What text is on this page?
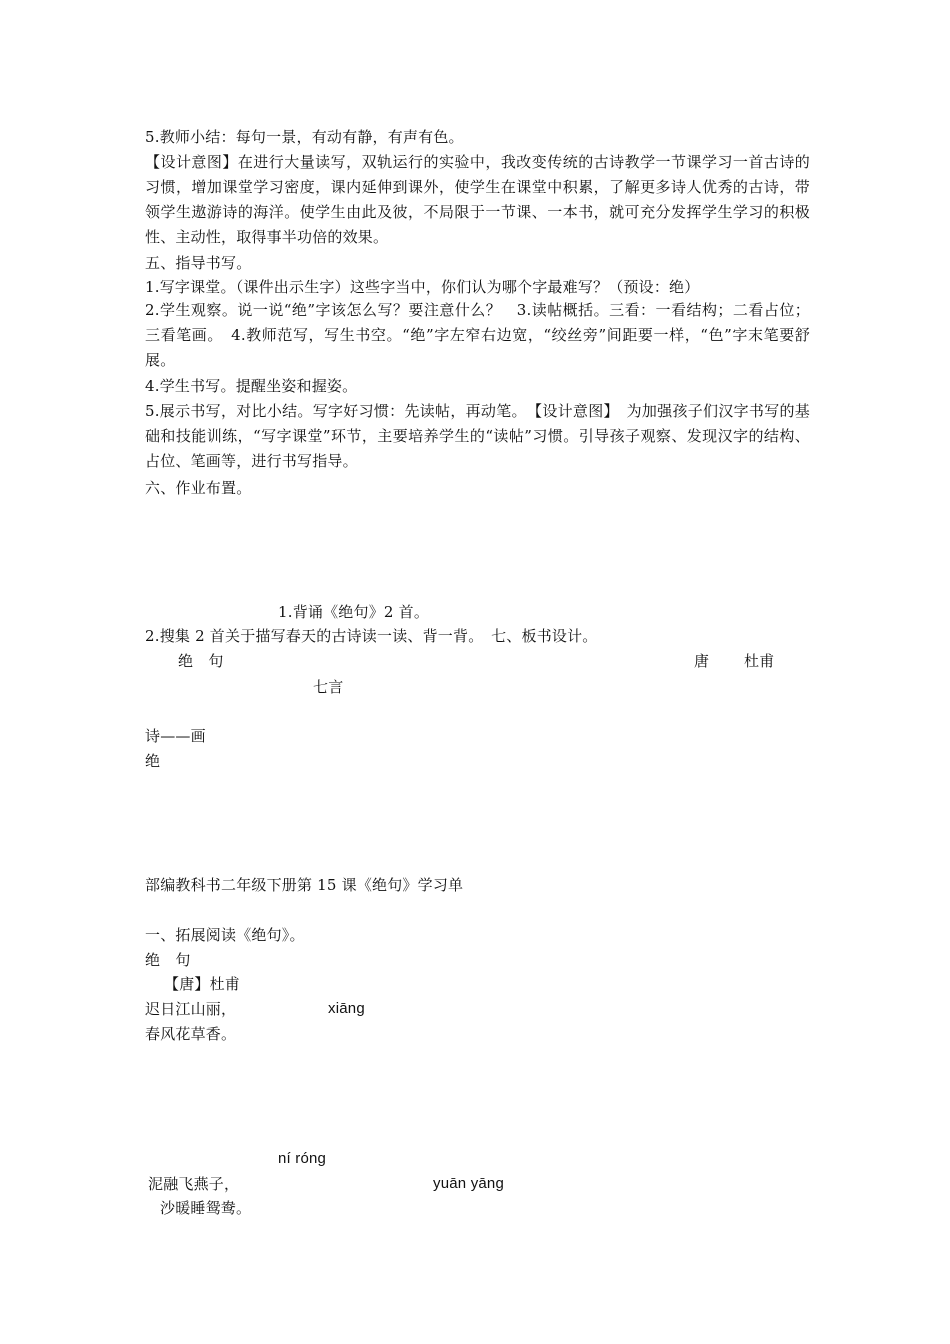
5.教师小结：每句一景，有动有静，有声有色。
【设计意图】在进行大量读写，双轨运行的实验中，我改变传统的古诗教学一节课学习一首古诗的习惯，增加课堂学习密度，课内延伸到课外，使学生在课堂中积累，了解更多诗人优秀的古诗，带领学生遨游诗的海洋。使学生由此及彼，不局限于一节课、一本书，就可充分发挥学生学习的积极性、主动性，取得事半功倍的效果。
五、指导书写。
1.写字课堂。（课件出示生字）这些字当中，你们认为哪个字最难写？（预设：绝）
2.学生观察。说一说“绝”字该怎么写？要注意什么？　3.读帖概括。三看：一看结构；二看占位；三看笔画。　4.教师范写，写生书空。“绝”字左窄右边宽，“绞丝旁”间距要一样，“色”字末笔要舒展。
4.学生书写。提醒坐姿和握姿。
5.展示书写，对比小结。写字好习惯：先读帖，再动笔。　【设计意图】　为加强孩子们汉字书写的基础和技能训练，“写字课堂”环节，主要培养学生的“读帖”习惯。引导孩子观察、发现汉字的结构、占位、笔画等，进行书写指导。
六、作业布置。
1.背诵《绝句》2 首。
2.搜集 2 首关于描写春天的古诗读一读、背一背。　七、板书设计。
绝　句	唐 杜甫
七言
诗——画
绝
部编教科书二年级下册第 15 课《绝句》学习单
一、拓展阅读《绝句》。
绝　句
【唐】杜甫
迟日江山丽，	xiāng
春风花草香。
ní róng
泥融飞燕子，	yuān yāng
沙暖睡鸳鸯。
